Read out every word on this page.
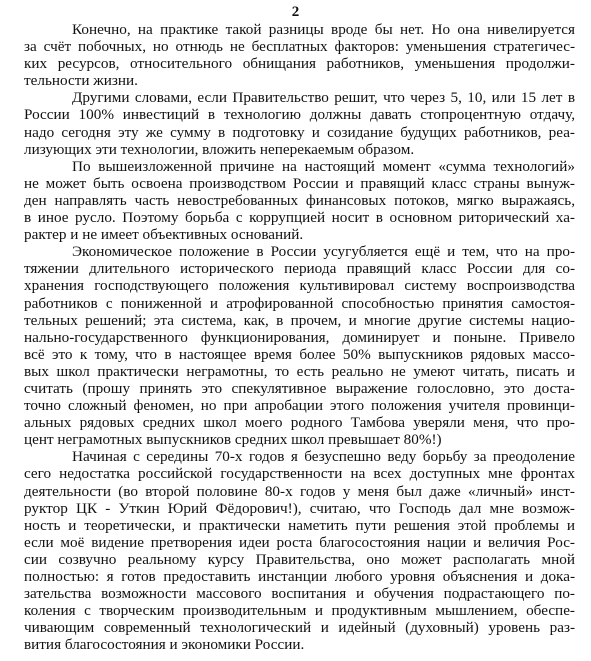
2
Конечно, на практике такой разницы вроде бы нет. Но она нивелируется
за счёт побочных, но отнюдь не бесплатных факторов: уменьшения стратегичес-
ких ресурсов, относительного обнищания работников, уменьшения продолжи-
тельности жизни.
Другими словами, если Правительство решит, что через 5, 10, или 15 лет в
России 100% инвестиций в технологию должны давать стопроцентную отдачу,
надо сегодня эту же сумму в подготовку и созидание будущих работников, реа-
лизующих эти технологии, вложить неперекаемым образом.
По вышеизложенной причине на настоящий момент «сумма технологий»
не может быть освоена производством России и правящий класс страны вынуж-
ден направлять часть невостребованных финансовых потоков, мягко выражаясь,
в иное русло. Поэтому борьба с коррупцией носит в основном риторический ха-
рактер и не имеет объективных оснований.
Экономическое положение в России усугубляется ещё и тем, что на про-
тяжении длительного исторического периода правящий класс России для со-
хранения господствующего положения культивировал систему воспроизводства
работников с пониженной и атрофированной способностью принятия самостоя-
тельных решений; эта система, как, в прочем, и многие другие системы нацио-
нально-государственного функционирования, доминирует и поныне. Привело
всё это к тому, что в настоящее время более 50% выпускников рядовых массо-
вых школ практически неграмотны, то есть реально не умеют читать, писать и
считать (прошу принять это спекулятивное выражение голословно, это доста-
точно сложный феномен, но при апробации этого положения учителя провинци-
альных рядовых средних школ моего родного Тамбова уверяли меня, что про-
цент неграмотных выпускников средних школ превышает 80%!)
Начиная с середины 70-х годов я безуспешно веду борьбу за преодоление
сего недостатка российской государственности на всех доступных мне фронтах
деятельности (во второй половине 80-х годов у меня был даже «личный» инст-
руктор ЦК - Уткин Юрий Фёдорович!), считаю, что Господь дал мне возмож-
ность и теоретически, и практически наметить пути решения этой проблемы и
если моё видение претворения идеи роста благосостояния нации и величия Рос-
сии созвучно реальному курсу Правительства, оно может располагать мной
полностью: я готов предоставить инстанции любого уровня объяснения и дока-
зательства возможности массового воспитания и обучения подрастающего по-
коления с творческим производительным и продуктивным мышлением, обеспе-
чивающим современный технологический и идейный (духовный) уровень раз-
вития благосостояния и экономики России.
